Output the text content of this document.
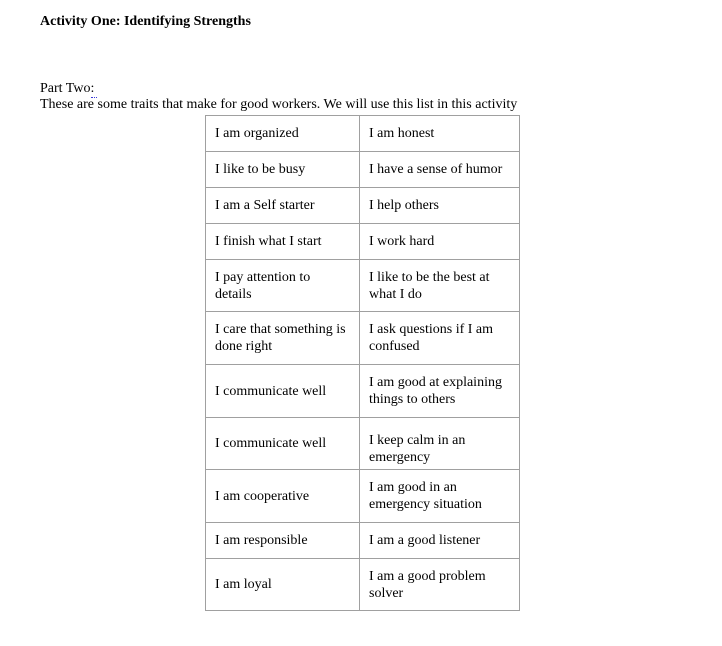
Activity One: Identifying Strengths
Part Two:
These are some traits that make for good workers. We will use this list in this activity
I am organized	I am honest

I like to be busy	I have a sense of humor

I am a Self starter	I help others

I finish what I start	I work hard

I pay attention to details	I like to be the best at what I do

I care that something is done right	I ask questions if I am confused

I communicate well	I am good at explaining things to others

I communicate well	I keep calm in an emergency

I am cooperative	I am good in an emergency situation

I am responsible	I am a good listener

I am loyal	I am a good problem solver
